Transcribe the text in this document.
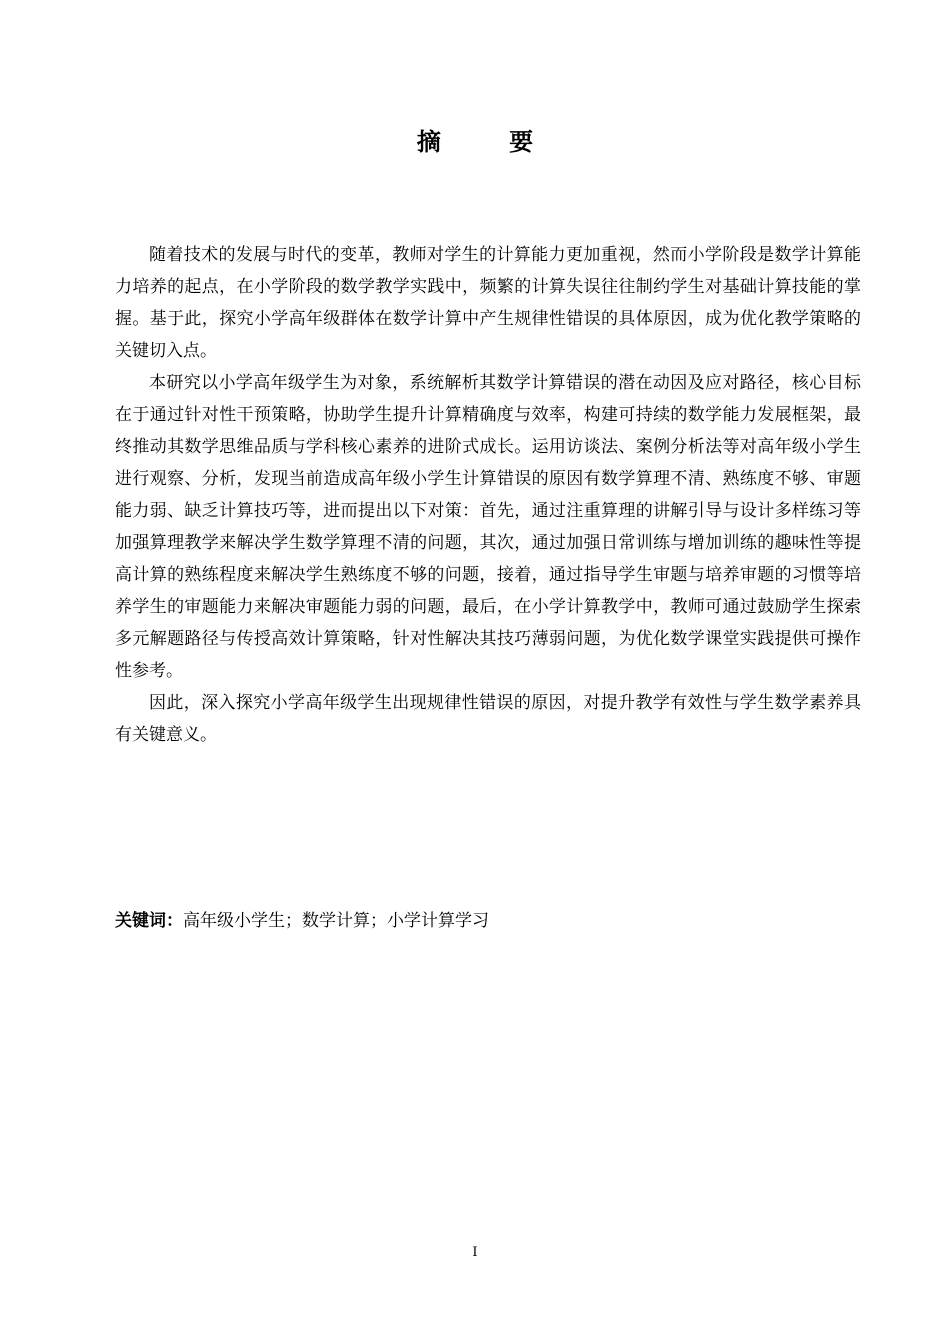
摘 要

随着技术的发展与时代的变革，教师对学生的计算能力更加重视，然而小学阶段是数学计算能力培养的起点，在小学阶段的数学教学实践中，频繁的计算失误往往制约学生对基础计算技能的掌握。基于此，探究小学高年级群体在数学计算中产生规律性错误的具体原因，成为优化教学策略的关键切入点。

本研究以小学高年级学生为对象，系统解析其数学计算错误的潜在动因及应对路径，核心目标在于通过针对性干预策略，协助学生提升计算精确度与效率，构建可持续的数学能力发展框架，最终推动其数学思维品质与学科核心素养的进阶式成长。运用访谈法、案例分析法等对高年级小学生进行观察、分析，发现当前造成高年级小学生计算错误的原因有数学算理不清、熟练度不够、审题能力弱、缺乏计算技巧等，进而提出以下对策：首先，通过注重算理的讲解引导与设计多样练习等加强算理教学来解决学生数学算理不清的问题，其次，通过加强日常训练与增加训练的趣味性等提高计算的熟练程度来解决学生熟练度不够的问题，接着，通过指导学生审题与培养审题的习惯等培养学生的审题能力来解决审题能力弱的问题，最后，在小学计算教学中，教师可通过鼓励学生探索多元解题路径与传授高效计算策略，针对性解决其技巧薄弱问题，为优化数学课堂实践提供可操作性参考。

因此，深入探究小学高年级学生出现规律性错误的原因，对提升教学有效性与学生数学素养具有关键意义。

关键词：高年级小学生；数学计算；小学计算学习
I
